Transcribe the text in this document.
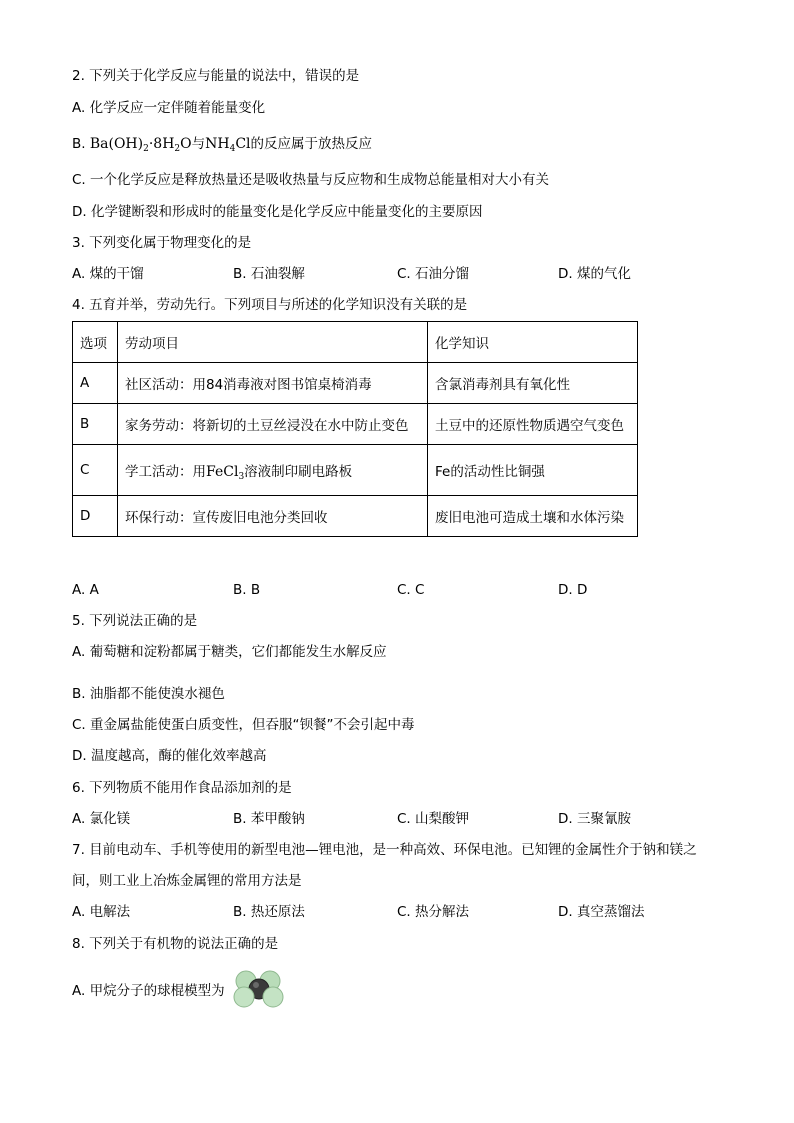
2. 下列关于化学反应与能量的说法中，错误的是
A. 化学反应一定伴随着能量变化
B. $Ba(OH)_2\cdot 8H_2O$与$NH_4Cl$的反应属于放热反应
C. 一个化学反应是释放热量还是吸收热量与反应物和生成物总能量相对大小有关
D. 化学键断裂和形成时的能量变化是化学反应中能量变化的主要原因
3. 下列变化属于物理变化的是
A. 煤的干馏	B. 石油裂解	C. 石油分馏	D. 煤的气化
4. 五育并举，劳动先行。下列项目与所述的化学知识没有关联的是
选项	劳动项目	化学知识
A	社区活动：用84消毒液对图书馆桌椅消毒	含氯消毒剂具有氧化性
B	家务劳动：将新切的土豆丝浸没在水中防止变色	土豆中的还原性物质遇空气变色
C	学工活动：用FeCl$_3$溶液制印刷电路板	Fe的活动性比铜强
D	环保行动：宣传废旧电池分类回收	废旧电池可造成土壤和水体污染
A. A	B. B	C. C	D. D
5. 下列说法正确的是
A. 葡萄糖和淀粉都属于糖类，它们都能发生水解反应
B. 油脂都不能使溴水褪色
C. 重金属盐能使蛋白质变性，但吞服“钡餐”不会引起中毒
D. 温度越高，酶的催化效率越高
6. 下列物质不能用作食品添加剂的是
A. 氯化镁	B. 苯甲酸钠	C. 山梨酸钾	D. 三聚氰胺
7. 目前电动车、手机等使用的新型电池—锂电池，是一种高效、环保电池。已知锂的金属性介于钠和镁之
间，则工业上冶炼金属锂的常用方法是
A. 电解法	B. 热还原法	C. 热分解法	D. 真空蒸馏法
8. 下列关于有机物的说法正确的是
A. 甲烷分子的球棍模型为
